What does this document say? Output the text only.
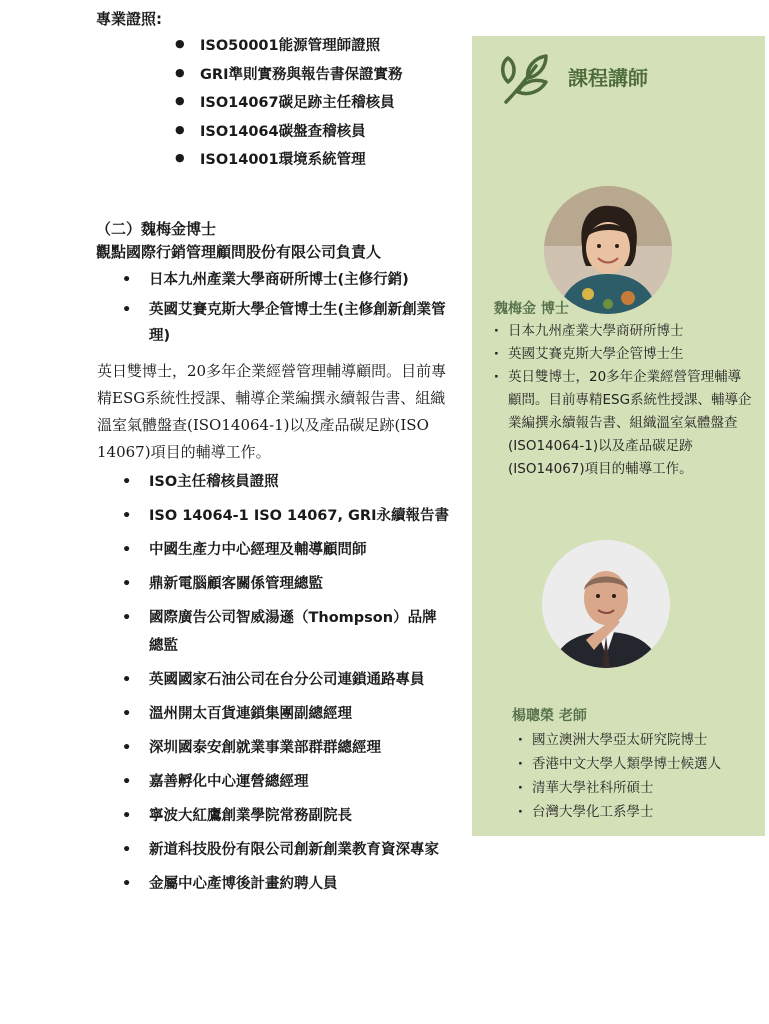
專業證照:
● ISO50001能源管理師證照
● GRI準則實務與報告書保證實務
● ISO14067碳足跡主任稽核員
● ISO14064碳盤查稽核員
● ISO14001環境系統管理
（二）魏梅金博士
觀點國際行銷管理顧問股份有限公司負責人
• 日本九州產業大學商研所博士(主修行銷)
• 英國艾賽克斯大學企管博士生(主修創新創業管理)
英日雙博士，20多年企業經營管理輔導顧問。目前專精ESG系統性授課、輔導企業編撰永續報告書、組織溫室氣體盤查(ISO14064-1)以及產品碳足跡(ISO 14067)項目的輔導工作。
• ISO主任稽核員證照
• ISO 14064-1 ISO 14067, GRI永續報告書
• 中國生產力中心經理及輔導顧問師
• 鼎新電腦顧客關係管理總監
• 國際廣告公司智威湯遜（Thompson）品牌總監
• 英國國家石油公司在台分公司連鎖通路專員
• 溫州開太百貨連鎖集團副總經理
• 深圳國泰安創就業事業部群群總經理
• 嘉善孵化中心運營總經理
• 寧波大紅鷹創業學院常務副院長
• 新道科技股份有限公司創新創業教育資深專家
• 金屬中心產博後計畫約聘人員
課程講師
魏梅金 博士
‧ 日本九州產業大學商研所博士
‧ 英國艾賽克斯大學企管博士生
‧ 英日雙博士，20多年企業經營管理輔導顧問。目前專精ESG系統性授課、輔導企業編撰永續報告書、組織溫室氣體盤查(ISO14064-1)以及產品碳足跡(ISO14067)項目的輔導工作。
楊聰榮 老師
‧ 國立澳洲大學亞太研究院博士
‧ 香港中文大學人類學博士候選人
‧ 清華大學社科所碩士
‧ 台灣大學化工系學士
